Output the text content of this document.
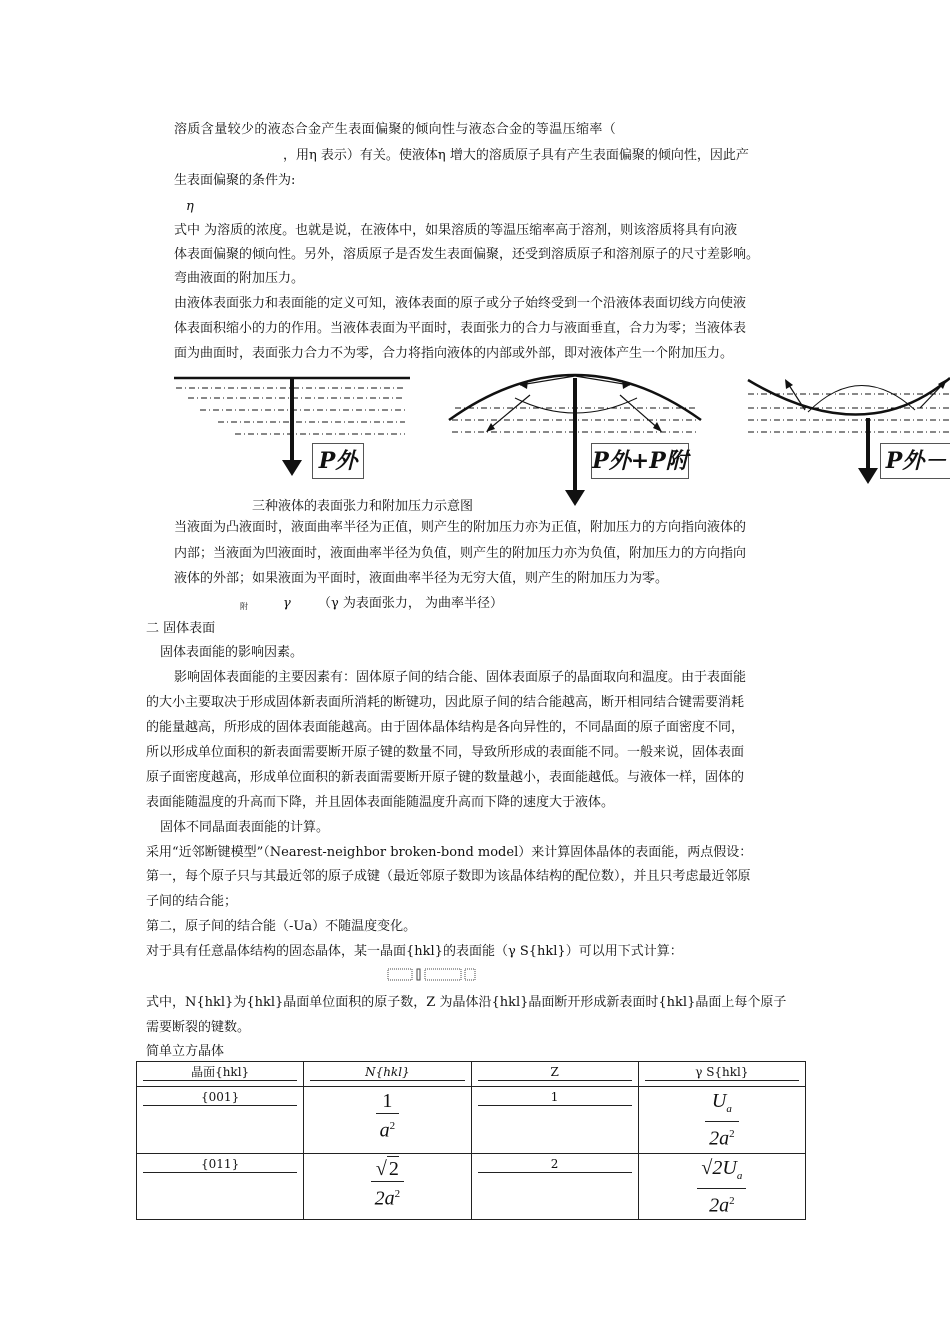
溶质含量较少的液态合金产生表面偏聚的倾向性与液态合金的等温压缩率（
，用η 表示）有关。使液体η 增大的溶质原子具有产生表面偏聚的倾向性，因此产
生表面偏聚的条件为:
η
式中 为溶质的浓度。也就是说，在液体中，如果溶质的等温压缩率高于溶剂，则该溶质将具有向液
体表面偏聚的倾向性。另外，溶质原子是否发生表面偏聚，还受到溶质原子和溶剂原子的尺寸差影响。
弯曲液面的附加压力。
由液体表面张力和表面能的定义可知，液体表面的原子或分子始终受到一个沿液体表面切线方向使液
体表面积缩小的力的作用。当液体表面为平面时，表面张力的合力与液面垂直，合力为零；当液体表
面为曲面时，表面张力合力不为零，合力将指向液体的内部或外部，即对液体产生一个附加压力。
P外	P外+P附	P外－
三种液体的表面张力和附加压力示意图
当液面为凸液面时，液面曲率半径为正值，则产生的附加压力亦为正值，附加压力的方向指向液体的
内部；当液面为凹液面时，液面曲率半径为负值，则产生的附加压力亦为负值，附加压力的方向指向
液体的外部；如果液面为平面时，液面曲率半径为无穷大值，则产生的附加压力为零。
附	γ （γ 为表面张力， 为曲率半径）
二 固体表面
固体表面能的影响因素。
影响固体表面能的主要因素有：固体原子间的结合能、固体表面原子的晶面取向和温度。由于表面能
的大小主要取决于形成固体新表面所消耗的断键功，因此原子间的结合能越高，断开相同结合键需要消耗
的能量越高，所形成的固体表面能越高。由于固体晶体结构是各向异性的，不同晶面的原子面密度不同，
所以形成单位面积的新表面需要断开原子键的数量不同，导致所形成的表面能不同。一般来说，固体表面
原子面密度越高，形成单位面积的新表面需要断开原子键的数量越小，表面能越低。与液体一样，固体的
表面能随温度的升高而下降，并且固体表面能随温度升高而下降的速度大于液体。
固体不同晶面表面能的计算。
采用“近邻断键模型”（Nearest-neighbor broken-bond model）来计算固体晶体的表面能，两点假设：
第一，每个原子只与其最近邻的原子成键（最近邻原子数即为该晶体结构的配位数），并且只考虑最近邻原
子间的结合能；
第二，原子间的结合能（-Ua）不随温度变化。
对于具有任意晶体结构的固态晶体，某一晶面{hkl}的表面能（γ S{hkl}）可以用下式计算：
式中，N{hkl}为{hkl}晶面单位面积的原子数，Z 为晶体沿{hkl}晶面断开形成新表面时{hkl}晶面上每个原子
需要断裂的键数。
简单立方晶体
晶面{hkl}	N{hkl}	Z	γ S{hkl}

{001}	$\frac{1}{a^2}$	1	$\frac{U_a}{2a^2}$

{011}	$\frac{√ 2}{2a^2}$	2	$\frac{√2U_a}{2a^2}$
